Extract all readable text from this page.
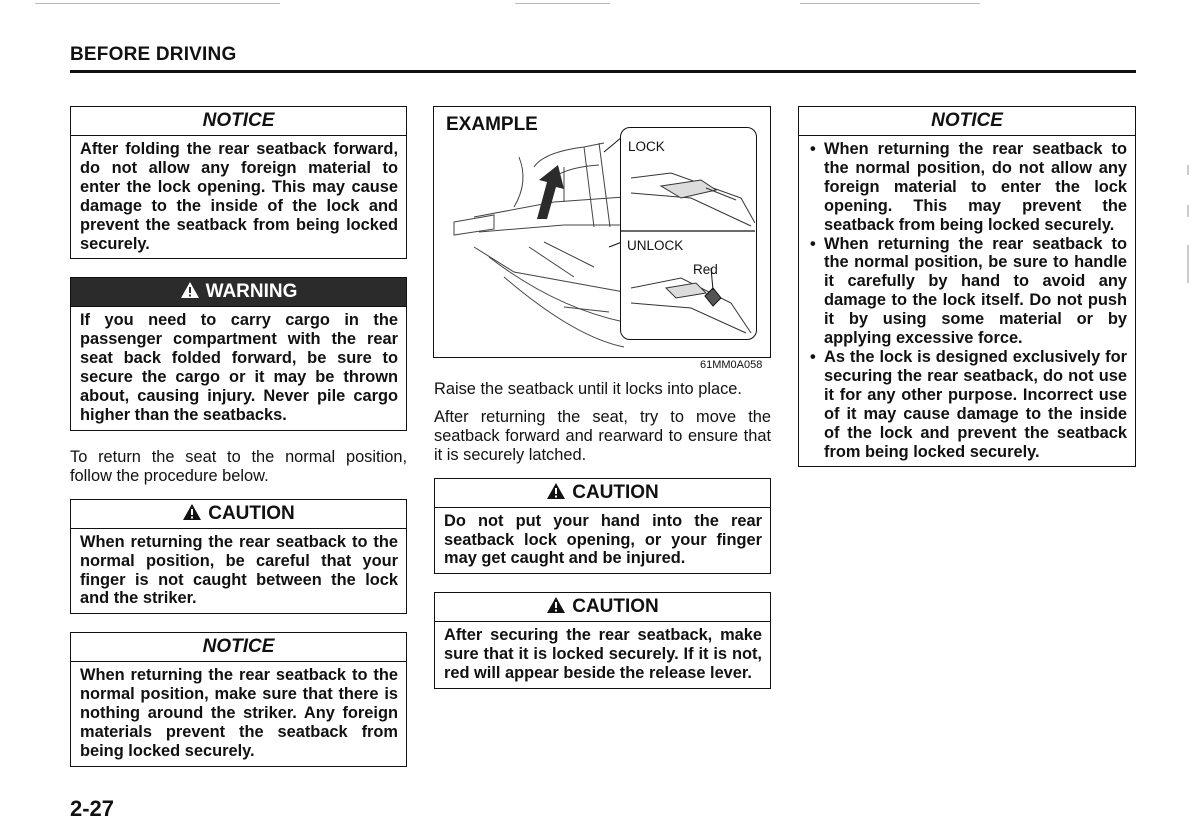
BEFORE DRIVING
NOTICE
After folding the rear seatback forward, do not allow any foreign material to enter the lock opening. This may cause damage to the inside of the lock and prevent the seatback from being locked securely.
WARNING
If you need to carry cargo in the passenger compartment with the rear seat back folded forward, be sure to secure the cargo or it may be thrown about, causing injury. Never pile cargo higher than the seatbacks.
To return the seat to the normal position, follow the procedure below.
CAUTION
When returning the rear seatback to the normal position, be careful that your finger is not caught between the lock and the striker.
NOTICE
When returning the rear seatback to the normal position, make sure that there is nothing around the striker. Any foreign materials prevent the seatback from being locked securely.
EXAMPLE
LOCK
UNLOCK
Red
61MM0A058
Raise the seatback until it locks into place.
After returning the seat, try to move the seatback forward and rearward to ensure that it is securely latched.
CAUTION
Do not put your hand into the rear seatback lock opening, or your finger may get caught and be injured.
CAUTION
After securing the rear seatback, make sure that it is locked securely. If it is not, red will appear beside the release lever.
NOTICE
• When returning the rear seatback to the normal position, do not allow any foreign material to enter the lock opening. This may prevent the seatback from being locked securely.
• When returning the rear seatback to the normal position, be sure to handle it carefully by hand to avoid any damage to the lock itself. Do not push it by using some material or by applying excessive force.
• As the lock is designed exclusively for securing the rear seatback, do not use it for any other purpose. Incorrect use of it may cause damage to the inside of the lock and prevent the seatback from being locked securely.
2-27
